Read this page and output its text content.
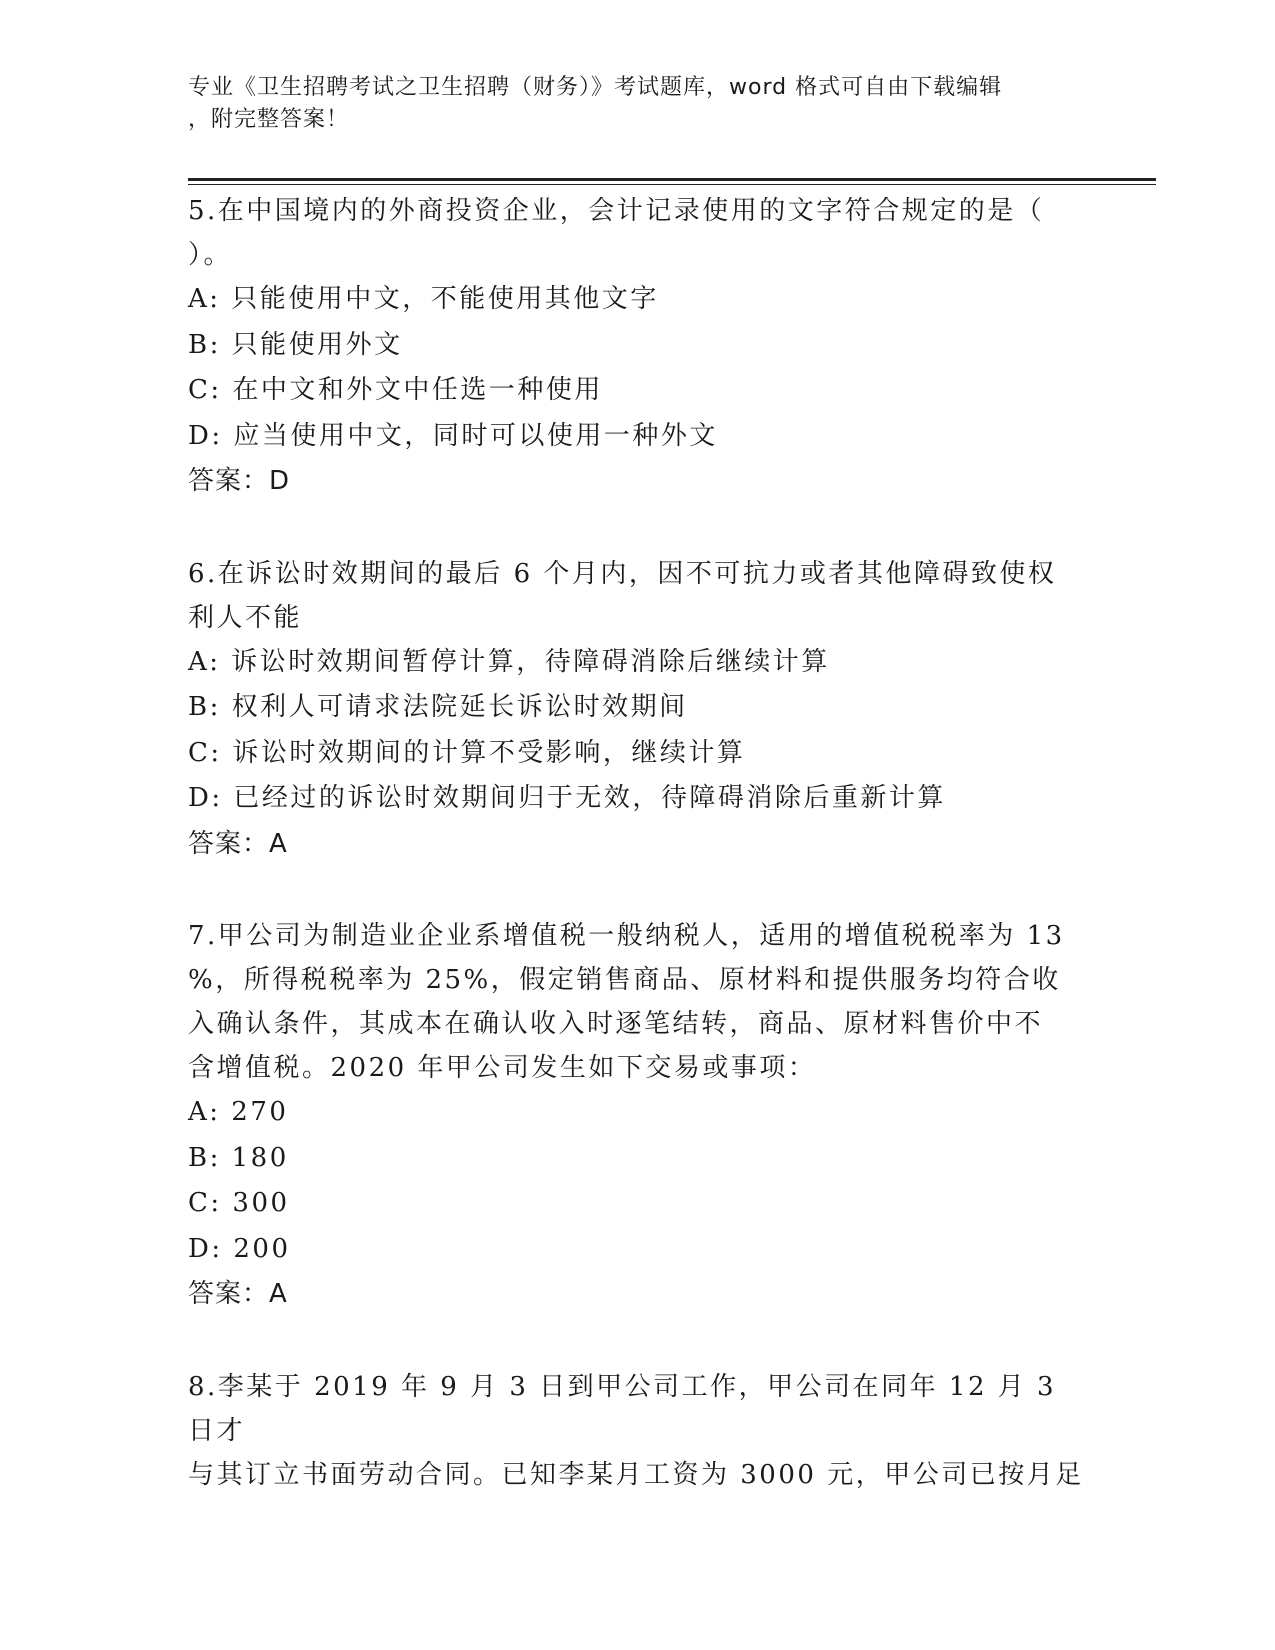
专业《卫生招聘考试之卫生招聘（财务）》考试题库，word 格式可自由下载编辑
，附完整答案！

5.在中国境内的外商投资企业，会计记录使用的文字符合规定的是（

）。

A: 只能使用中文，不能使用其他文字

B: 只能使用外文

C: 在中文和外文中任选一种使用

D: 应当使用中文，同时可以使用一种外文

答案：D

6.在诉讼时效期间的最后 6 个月内，因不可抗力或者其他障碍致使权

利人不能

A: 诉讼时效期间暂停计算，待障碍消除后继续计算

B: 权利人可请求法院延长诉讼时效期间

C: 诉讼时效期间的计算不受影响，继续计算

D: 已经过的诉讼时效期间归于无效，待障碍消除后重新计算

答案：A

7.甲公司为制造业企业系增值税一般纳税人，适用的增值税税率为 13

%，所得税税率为 25%，假定销售商品、原材料和提供服务均符合收

入确认条件，其成本在确认收入时逐笔结转，商品、原材料售价中不

含增值税。2020 年甲公司发生如下交易或事项：

A: 270

B: 180

C: 300

D: 200

答案：A

8.李某于 2019 年 9 月 3 日到甲公司工作，甲公司在同年 12 月 3 日才

与其订立书面劳动合同。已知李某月工资为 3000 元，甲公司已按月足
